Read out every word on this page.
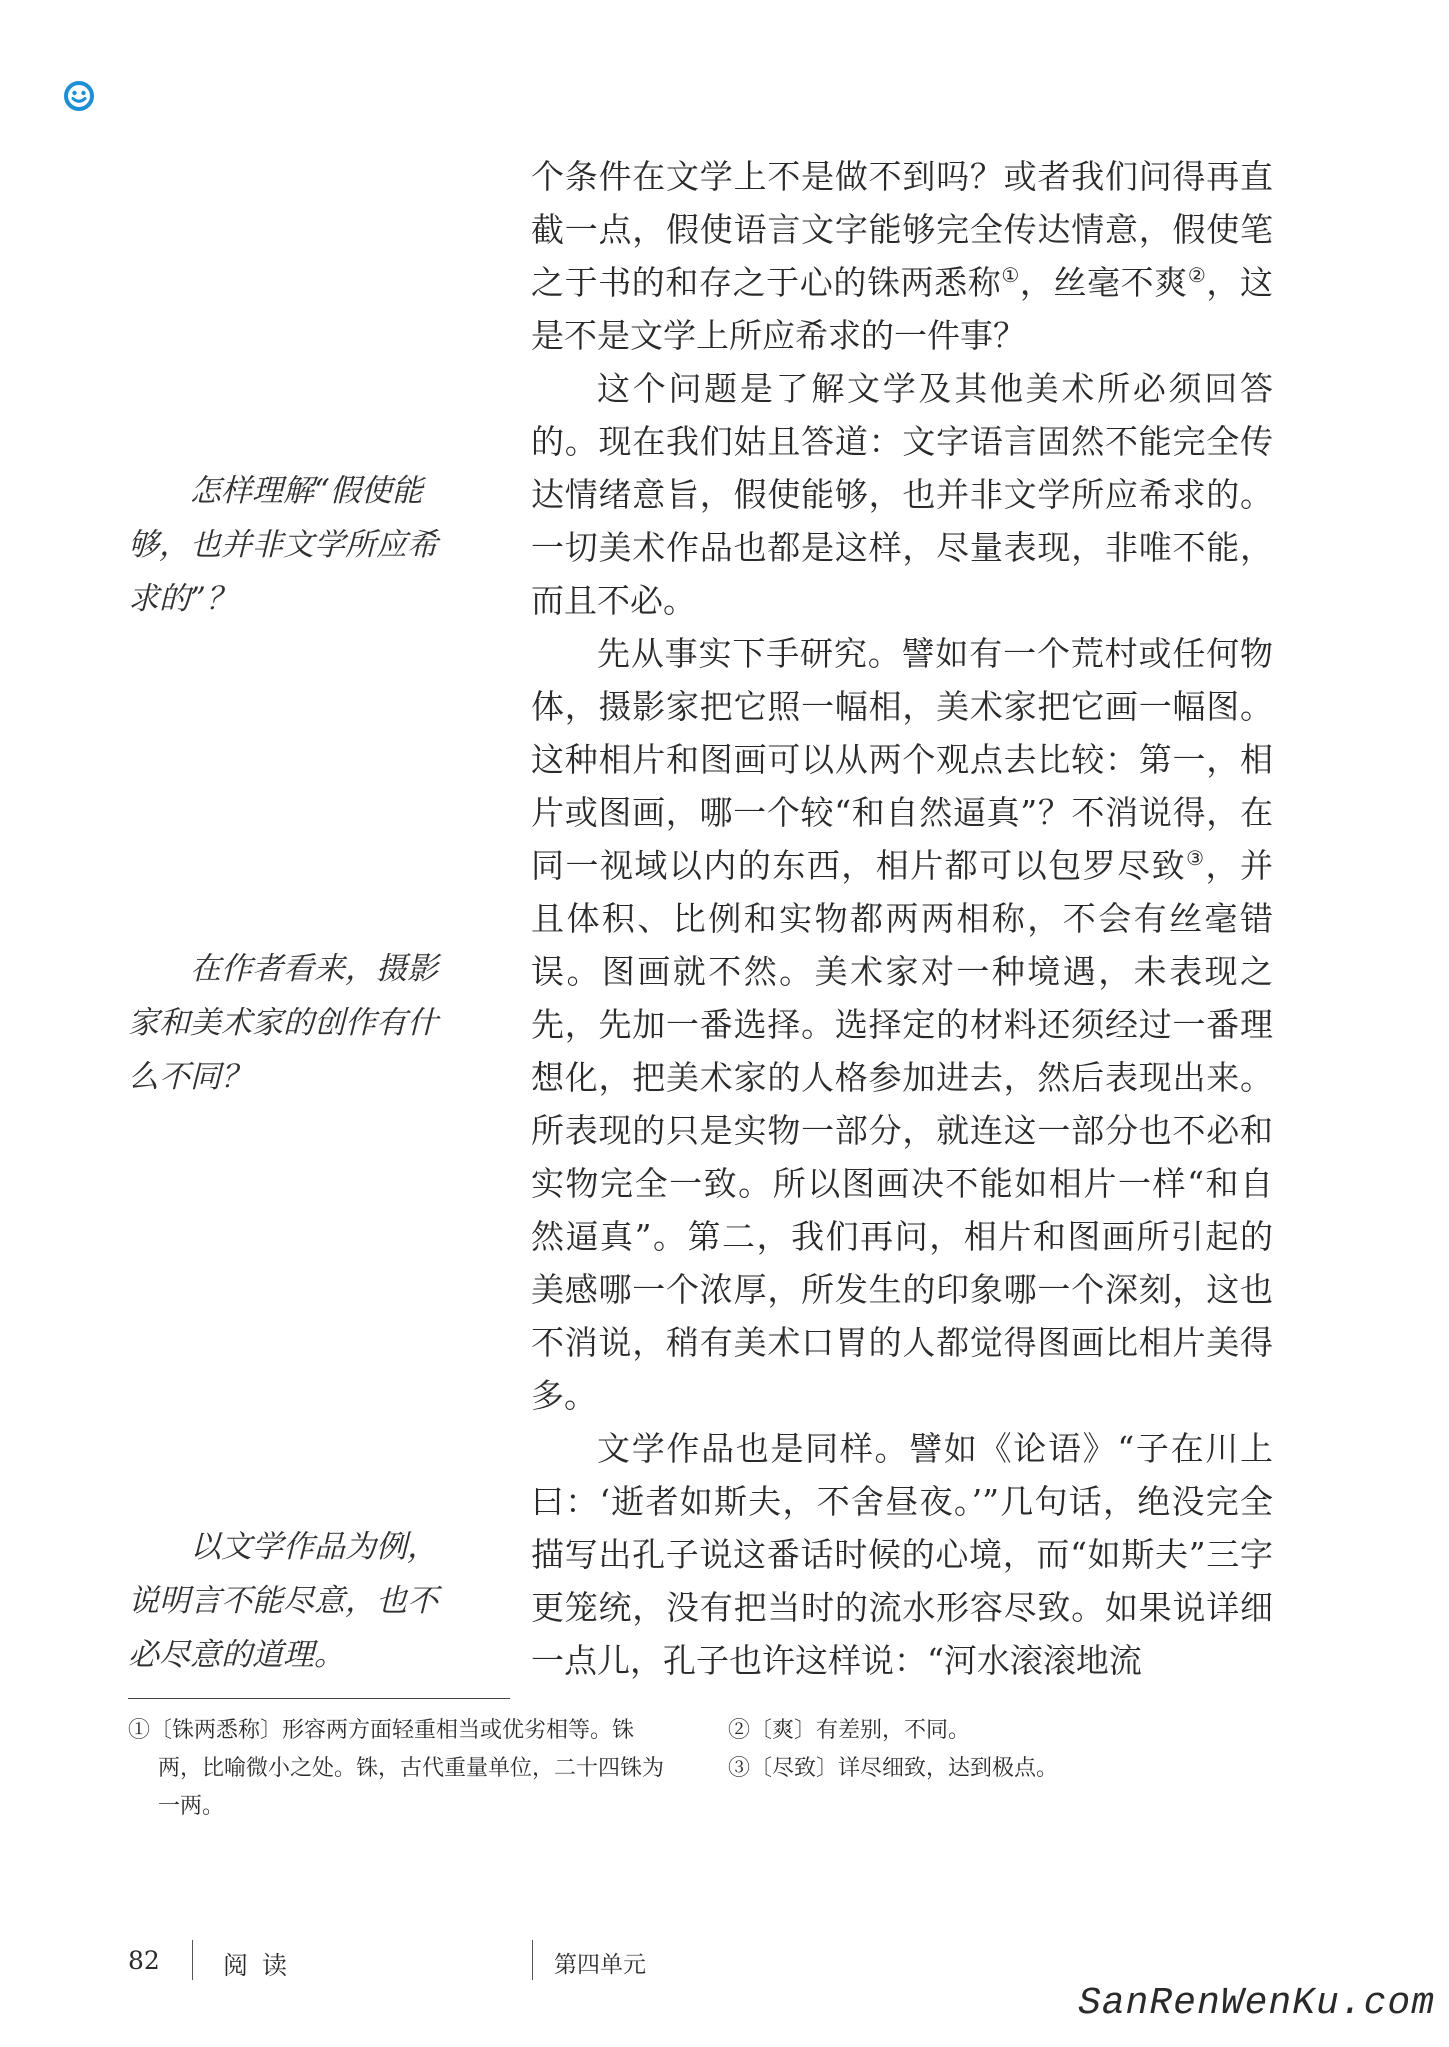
个条件在文学上不是做不到吗？或者我们问得再直截一点，假使语言文字能够完全传达情意，假使笔之于书的和存之于心的铢两悉称①，丝毫不爽②，这是不是文学上所应希求的一件事？

这个问题是了解文学及其他美术所必须回答的。现在我们姑且答道：文字语言固然不能完全传达情绪意旨，假使能够，也并非文学所应希求的。一切美术作品也都是这样，尽量表现，非唯不能，而且不必。

先从事实下手研究。譬如有一个荒村或任何物体，摄影家把它照一幅相，美术家把它画一幅图。这种相片和图画可以从两个观点去比较：第一，相片或图画，哪一个较“和自然逼真”？不消说得，在同一视域以内的东西，相片都可以包罗尽致③，并且体积、比例和实物都两两相称，不会有丝毫错误。图画就不然。美术家对一种境遇，未表现之先，先加一番选择。选择定的材料还须经过一番理想化，把美术家的人格参加进去，然后表现出来。所表现的只是实物一部分，就连这一部分也不必和实物完全一致。所以图画决不能如相片一样“和自然逼真”。第二，我们再问，相片和图画所引起的美感哪一个浓厚，所发生的印象哪一个深刻，这也不消说，稍有美术口胃的人都觉得图画比相片美得多。

文学作品也是同样。譬如《论语》“子在川上曰：‘逝者如斯夫，不舍昼夜。’”几句话，绝没完全描写出孔子说这番话时候的心境，而“如斯夫”三字更笼统，没有把当时的流水形容尽致。如果说详细一点儿，孔子也许这样说：“河水滚滚地流

怎样理解“假使能够，也并非文学所应希求的”？
在作者看来，摄影家和美术家的创作有什么不同？
以文学作品为例，说明言不能尽意，也不必尽意的道理。

①〔铢两悉称〕形容两方面轻重相当或优劣相等。铢两，比喻微小之处。铢，古代重量单位，二十四铢为一两。

②〔爽〕有差别，不同。

③〔尽致〕详尽细致，达到极点。

82	阅读	第四单元
SanRenWenKu.com
